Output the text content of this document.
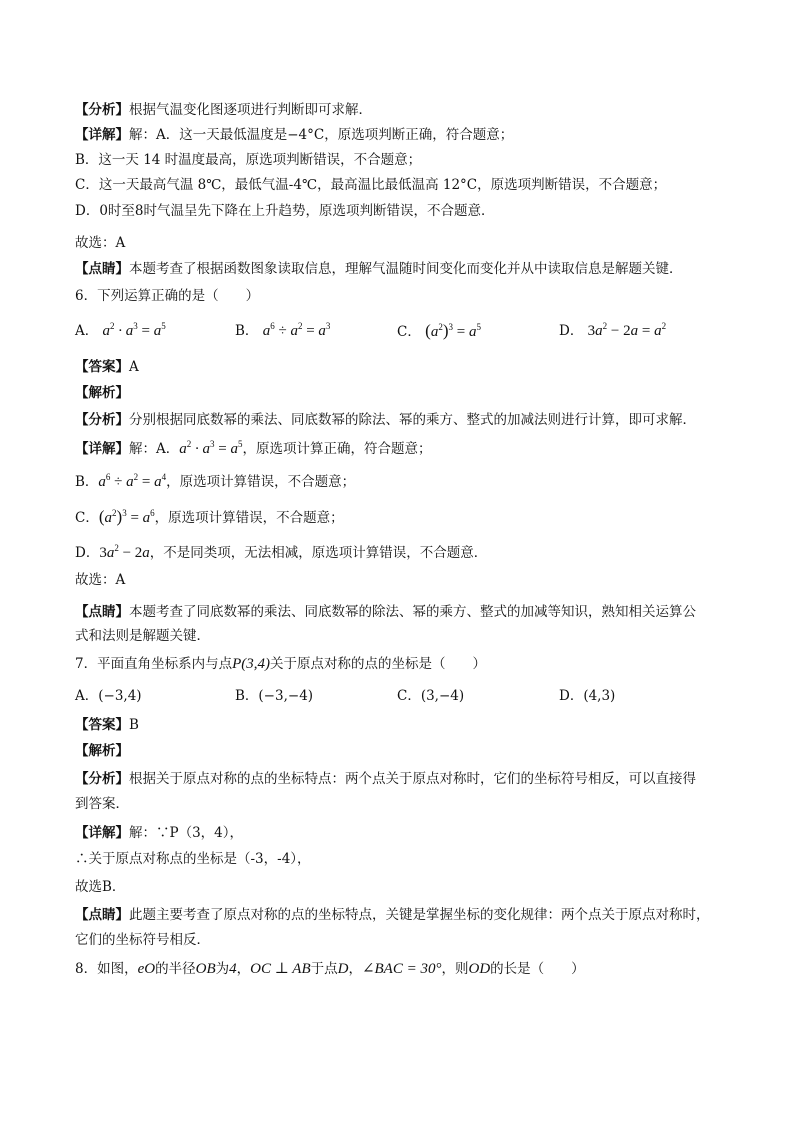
【分析】根据气温变化图逐项进行判断即可求解．
【详解】解：A．这一天最低温度是−4°C，原选项判断正确，符合题意；
B．这一天 14 时温度最高，原选项判断错误，不合题意；
C．这一天最高气温 8℃，最低气温-4℃，最高温比最低温高 12°C，原选项判断错误，不合题意；
D．0时至8时气温呈先下降在上升趋势，原选项判断错误，不合题意．
故选：A
【点睛】本题考查了根据函数图象读取信息，理解气温随时间变化而变化并从中读取信息是解题关键．
6．下列运算正确的是（　　）
A． $a^2 \cdot a^3 = a^5$	B． $a^6 \div a^2 = a^3$	C． $(a^2)^3 = a^5$	D． $3a^2 - 2a = a^2$
【答案】A
【解析】
【分析】分别根据同底数幂的乘法、同底数幂的除法、幂的乘方、整式的加减法则进行计算，即可求解．
【详解】解：A．$a^2 \cdot a^3 = a^5$，原选项计算正确，符合题意；
B．$a^6 \div a^2 = a^4$，原选项计算错误，不合题意；
C．$(a^2)^3 = a^6$，原选项计算错误，不合题意；
D．$3a^2 - 2a$，不是同类项，无法相减，原选项计算错误，不合题意．
故选：A
【点睛】本题考查了同底数幂的乘法、同底数幂的除法、幂的乘方、整式的加减等知识，熟知相关运算公
式和法则是解题关键．
7．平面直角坐标系内与点P(3,4)关于原点对称的点的坐标是（　　）
A．(−3,4)	B．(−3,−4)	C．(3,−4)	D．(4,3)
【答案】B
【解析】
【分析】根据关于原点对称的点的坐标特点：两个点关于原点对称时，它们的坐标符号相反，可以直接得
到答案．
【详解】解：∵P（3，4），
∴关于原点对称点的坐标是（-3，-4），
故选B．
【点睛】此题主要考查了原点对称的点的坐标特点，关键是掌握坐标的变化规律：两个点关于原点对称时，
它们的坐标符号相反．
8．如图，eO的半径OB为4，OC ⊥ AB于点D，∠BAC = 30°，则OD的长是（　　）
